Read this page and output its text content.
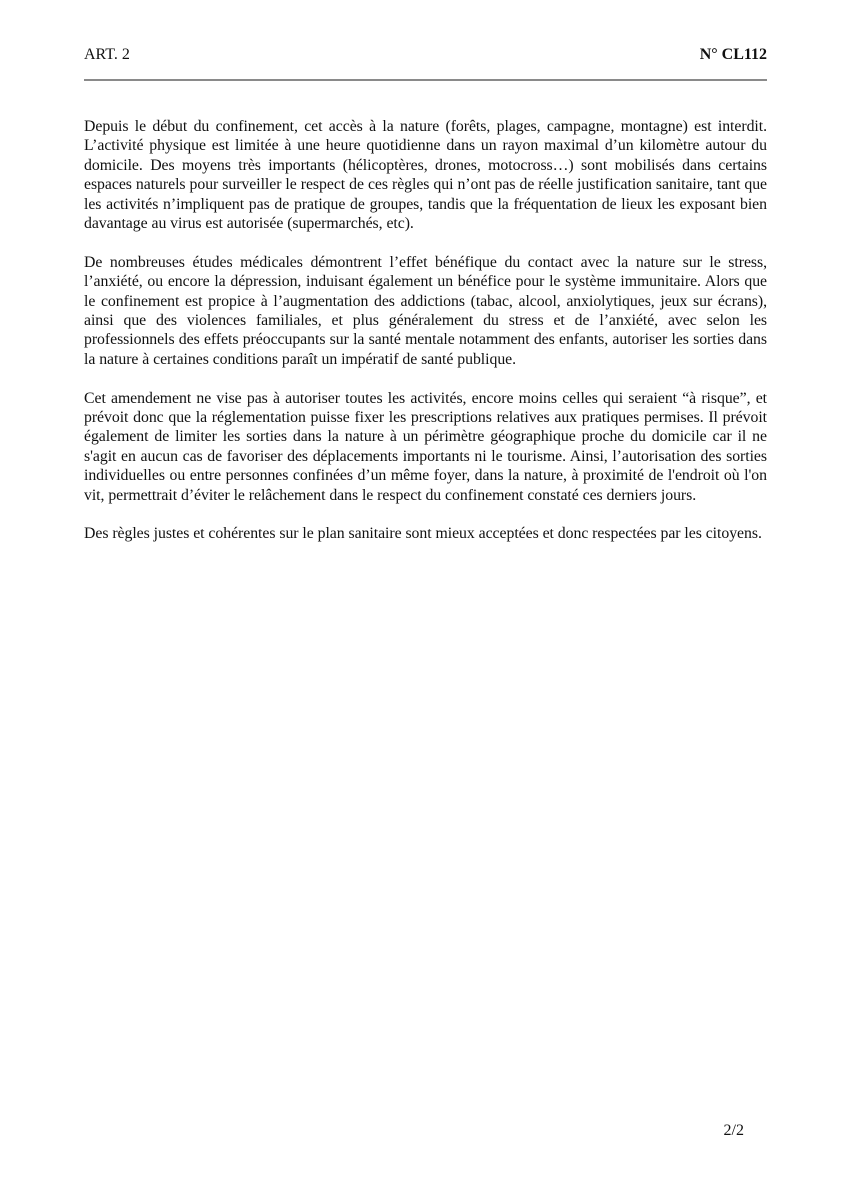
ART. 2	N° CL112

Depuis le début du confinement, cet accès à la nature (forêts, plages, campagne, montagne) est interdit. L’activité physique est limitée à une heure quotidienne dans un rayon maximal d’un kilomètre autour du domicile. Des moyens très importants (hélicoptères, drones, motocross…) sont mobilisés dans certains espaces naturels pour surveiller le respect de ces règles qui n’ont pas de réelle justification sanitaire, tant que les activités n’impliquent pas de pratique de groupes, tandis que la fréquentation de lieux les exposant bien davantage au virus est autorisée (supermarchés, etc).

De nombreuses études médicales démontrent l’effet bénéfique du contact avec la nature sur le stress, l’anxiété, ou encore la dépression, induisant également un bénéfice pour le système immunitaire. Alors que le confinement est propice à l’augmentation des addictions (tabac, alcool, anxiolytiques, jeux sur écrans), ainsi que des violences familiales, et plus généralement du stress et de l’anxiété, avec selon les professionnels des effets préoccupants sur la santé mentale notamment des enfants, autoriser les sorties dans la nature à certaines conditions paraît un impératif de santé publique.

Cet amendement ne vise pas à autoriser toutes les activités, encore moins celles qui seraient “à risque”, et prévoit donc que la réglementation puisse fixer les prescriptions relatives aux pratiques permises. Il prévoit également de limiter les sorties dans la nature à un périmètre géographique proche du domicile car il ne s'agit en aucun cas de favoriser des déplacements importants ni le tourisme. Ainsi, l’autorisation des sorties individuelles ou entre personnes confinées d’un même foyer, dans la nature, à proximité de l'endroit où l'on vit, permettrait d’éviter le relâchement dans le respect du confinement constaté ces derniers jours.

Des règles justes et cohérentes sur le plan sanitaire sont mieux acceptées et donc respectées par les citoyens.

2/2
